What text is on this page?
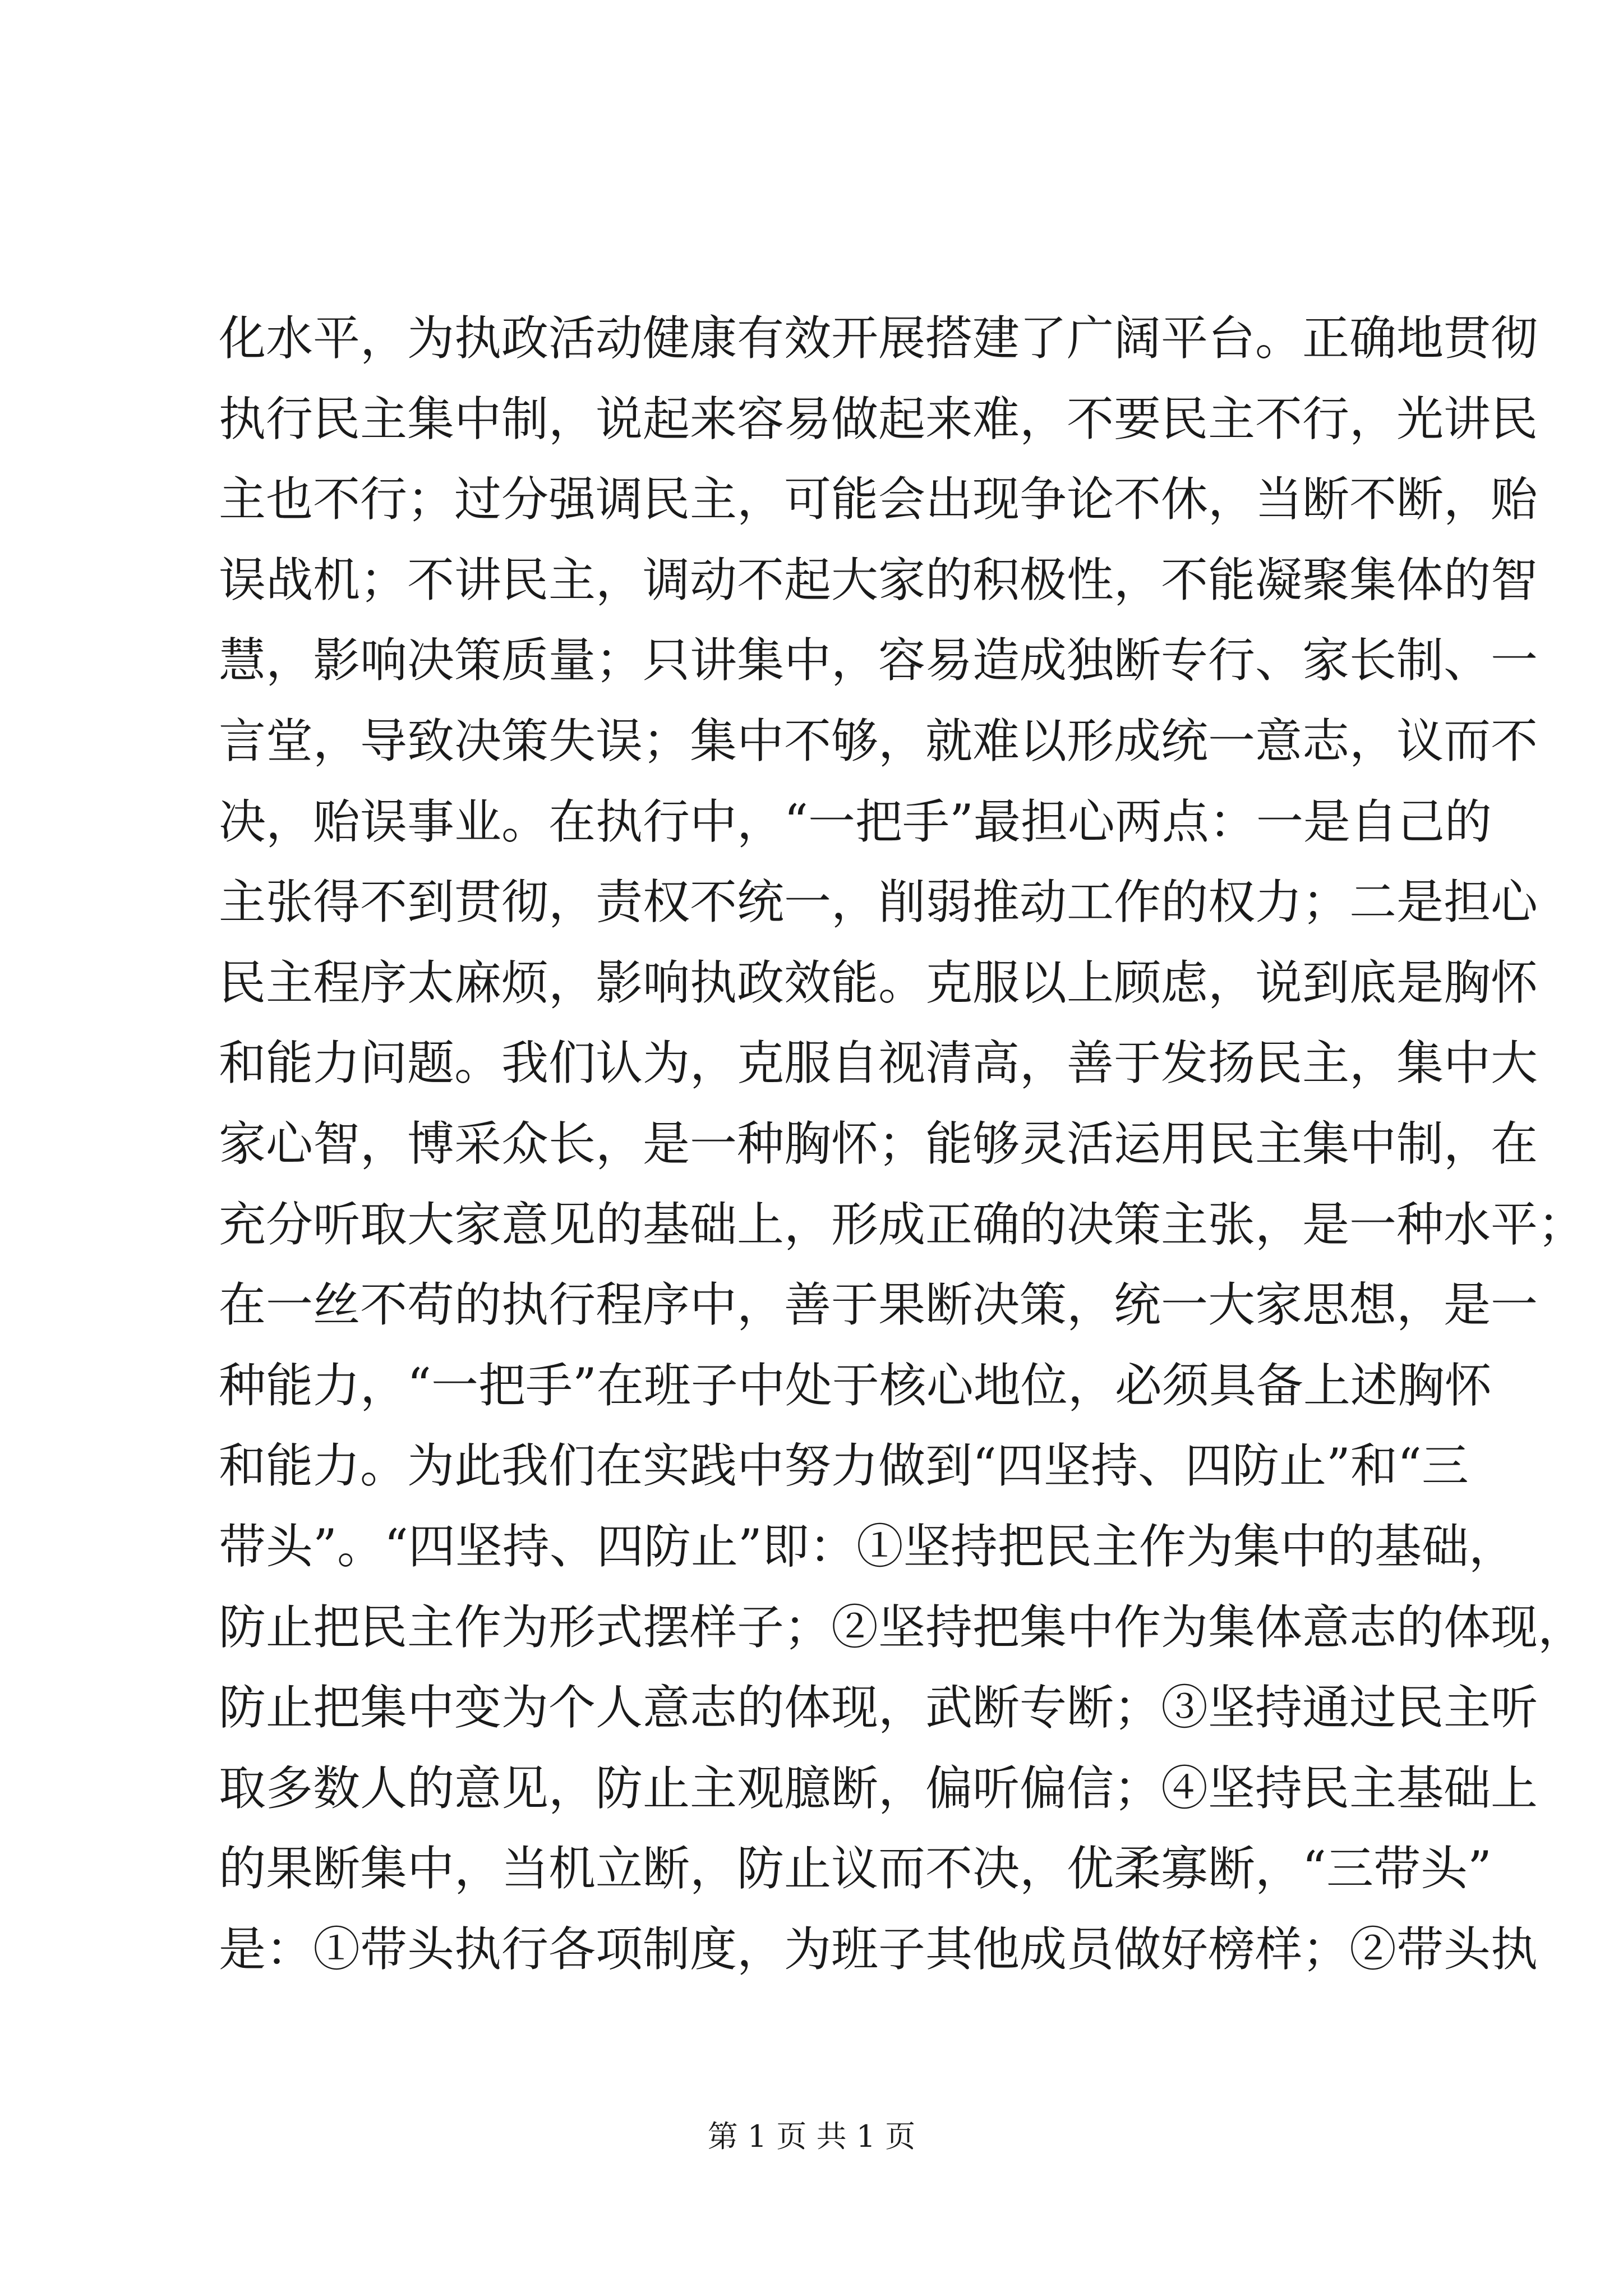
化水平，为执政活动健康有效开展搭建了广阔平台。正确地贯彻
执行民主集中制，说起来容易做起来难，不要民主不行，光讲民
主也不行；过分强调民主，可能会出现争论不休，当断不断，贻
误战机；不讲民主，调动不起大家的积极性，不能凝聚集体的智
慧，影响决策质量；只讲集中，容易造成独断专行、家长制、一
言堂，导致决策失误；集中不够，就难以形成统一意志，议而不
决，贻误事业。在执行中，“一把手”最担心两点：一是自己的
主张得不到贯彻，责权不统一，削弱推动工作的权力；二是担心
民主程序太麻烦，影响执政效能。克服以上顾虑，说到底是胸怀
和能力问题。我们认为，克服自视清高，善于发扬民主，集中大
家心智，博采众长，是一种胸怀；能够灵活运用民主集中制，在
充分听取大家意见的基础上，形成正确的决策主张，是一种水平；
在一丝不苟的执行程序中，善于果断决策，统一大家思想，是一
种能力，“一把手”在班子中处于核心地位，必须具备上述胸怀
和能力。为此我们在实践中努力做到“四坚持、四防止”和“三
带头”。“四坚持、四防止”即：①坚持把民主作为集中的基础，
防止把民主作为形式摆样子；②坚持把集中作为集体意志的体现，
防止把集中变为个人意志的体现，武断专断；③坚持通过民主听
取多数人的意见，防止主观臆断，偏听偏信；④坚持民主基础上
的果断集中，当机立断，防止议而不决，优柔寡断，“三带头”
是：①带头执行各项制度，为班子其他成员做好榜样；②带头执
第 1 页 共 1 页
